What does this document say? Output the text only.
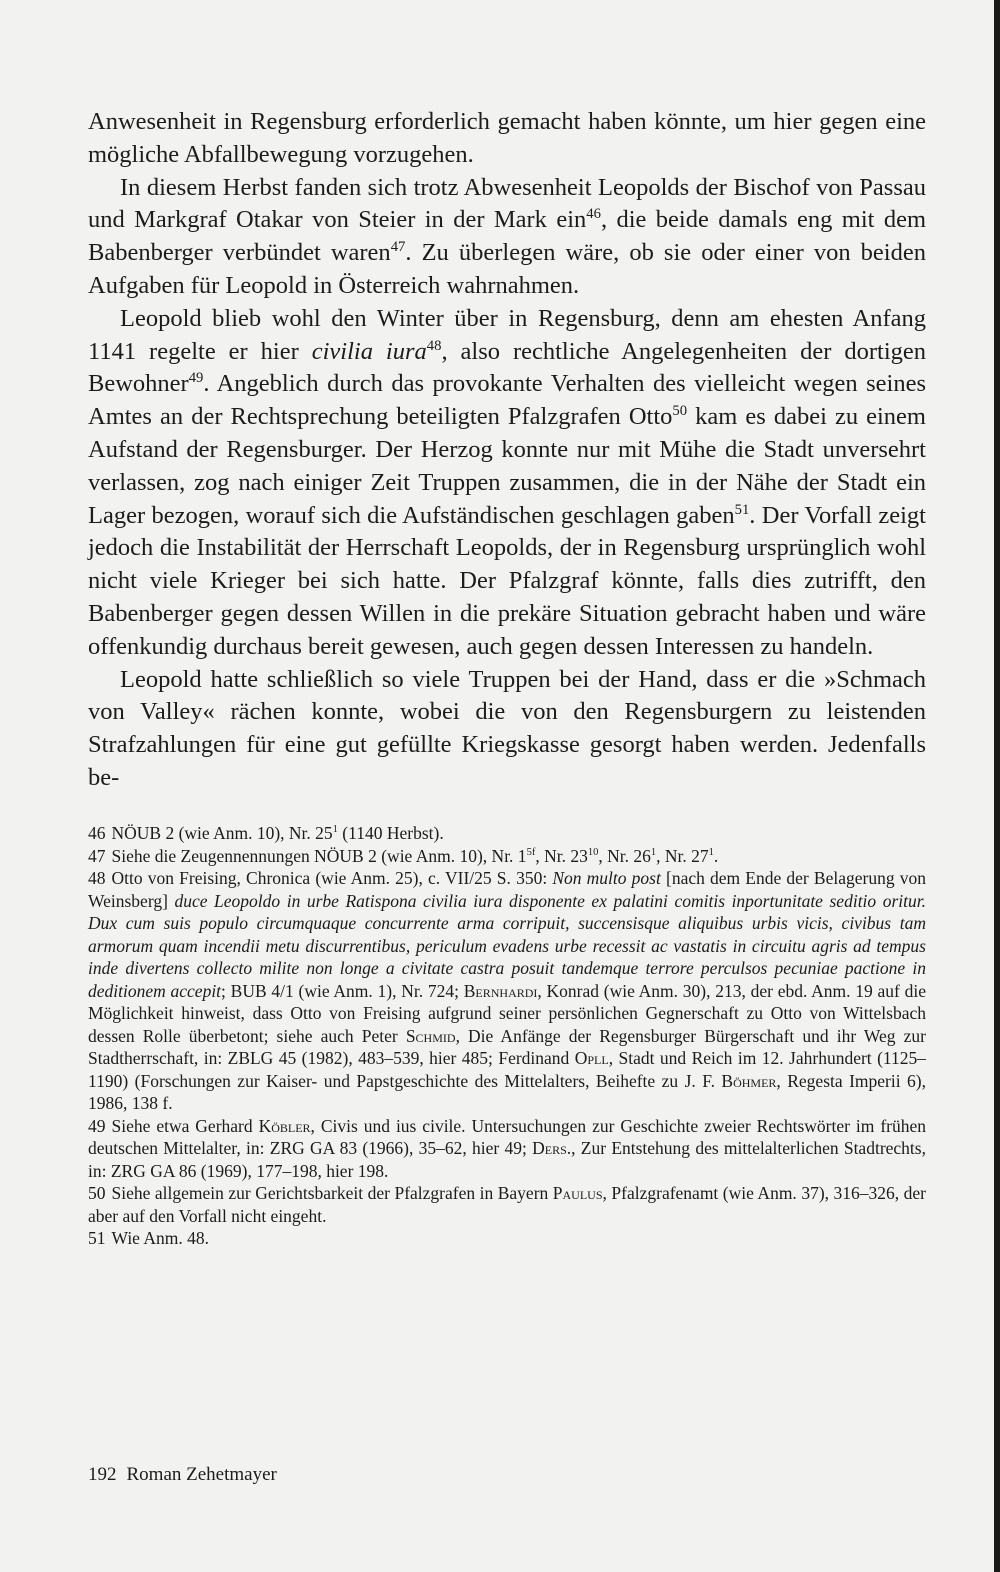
Anwesenheit in Regensburg erforderlich gemacht haben könnte, um hier gegen eine mögliche Abfallbewegung vorzugehen.

In diesem Herbst fanden sich trotz Abwesenheit Leopolds der Bischof von Passau und Markgraf Otakar von Steier in der Mark ein$^{46}$, die beide damals eng mit dem Babenberger verbündet waren$^{47}$. Zu überlegen wäre, ob sie oder einer von beiden Aufgaben für Leopold in Österreich wahrnahmen.

Leopold blieb wohl den Winter über in Regensburg, denn am ehesten Anfang 1141 regelte er hier civilia iura$^{48}$, also rechtliche Angelegenheiten der dortigen Bewohner$^{49}$. Angeblich durch das provokante Verhalten des vielleicht wegen seines Amtes an der Rechtsprechung beteiligten Pfalzgrafen Otto$^{50}$ kam es dabei zu einem Aufstand der Regensburger. Der Herzog konnte nur mit Mühe die Stadt unversehrt verlassen, zog nach einiger Zeit Truppen zusammen, die in der Nähe der Stadt ein Lager bezogen, worauf sich die Aufständischen geschlagen gaben$^{51}$. Der Vorfall zeigt jedoch die Instabilität der Herrschaft Leopolds, der in Regensburg ursprünglich wohl nicht viele Krieger bei sich hatte. Der Pfalzgraf könnte, falls dies zutrifft, den Babenberger gegen dessen Willen in die prekäre Situation gebracht haben und wäre offenkundig durchaus bereit gewesen, auch gegen dessen Interessen zu handeln.

Leopold hatte schließlich so viele Truppen bei der Hand, dass er die »Schmach von Valley« rächen konnte, wobei die von den Regensburgern zu leistenden Strafzahlungen für eine gut gefüllte Kriegskasse gesorgt haben werden. Jedenfalls be-

46 NÖUB 2 (wie Anm. 10), Nr. $25^1$ (1140 Herbst).

47 Siehe die Zeugennennungen NÖUB 2 (wie Anm. 10), Nr. $1^{5f}$, Nr. $23^{10}$, Nr. $26^1$, Nr. $27^1$.

48 Otto von Freising, Chronica (wie Anm. 25), c. VII/25 S. 350: Non multo post [nach dem Ende der Belagerung von Weinsberg] duce Leopoldo in urbe Ratispona civilia iura disponente ex palatini comitis inportunitate seditio oritur. Dux cum suis populo circumquaque concurrente arma corripuit, succensisque aliquibus urbis vicis, civibus tam armorum quam incendii metu discurrentibus, periculum evadens urbe recessit ac vastatis in circuitu agris ad tempus inde divertens collecto milite non longe a civitate castra posuit tandemque terrore perculsos pecuniae pactione in deditionem accepit; BUB 4/1 (wie Anm. 1), Nr. 724; Bernhardi, Konrad (wie Anm. 30), 213, der ebd. Anm. 19 auf die Möglichkeit hinweist, dass Otto von Freising aufgrund seiner persönlichen Gegnerschaft zu Otto von Wittelsbach dessen Rolle überbetont; siehe auch Peter Schmid, Die Anfänge der Regensburger Bürgerschaft und ihr Weg zur Stadtherrschaft, in: ZBLG 45 (1982), 483–539, hier 485; Ferdinand Opll, Stadt und Reich im 12. Jahrhundert (1125–1190) (Forschungen zur Kaiser- und Papstgeschichte des Mittelalters, Beihefte zu J. F. Böhmer, Regesta Imperii 6), 1986, 138 f.

49 Siehe etwa Gerhard Köbler, Civis und ius civile. Untersuchungen zur Geschichte zweier Rechtswörter im frühen deutschen Mittelalter, in: ZRG GA 83 (1966), 35–62, hier 49; Ders., Zur Entstehung des mittelalterlichen Stadtrechts, in: ZRG GA 86 (1969), 177–198, hier 198.

50 Siehe allgemein zur Gerichtsbarkeit der Pfalzgrafen in Bayern Paulus, Pfalzgrafenamt (wie Anm. 37), 316–326, der aber auf den Vorfall nicht eingeht.

51 Wie Anm. 48.

192 Roman Zehetmayer
